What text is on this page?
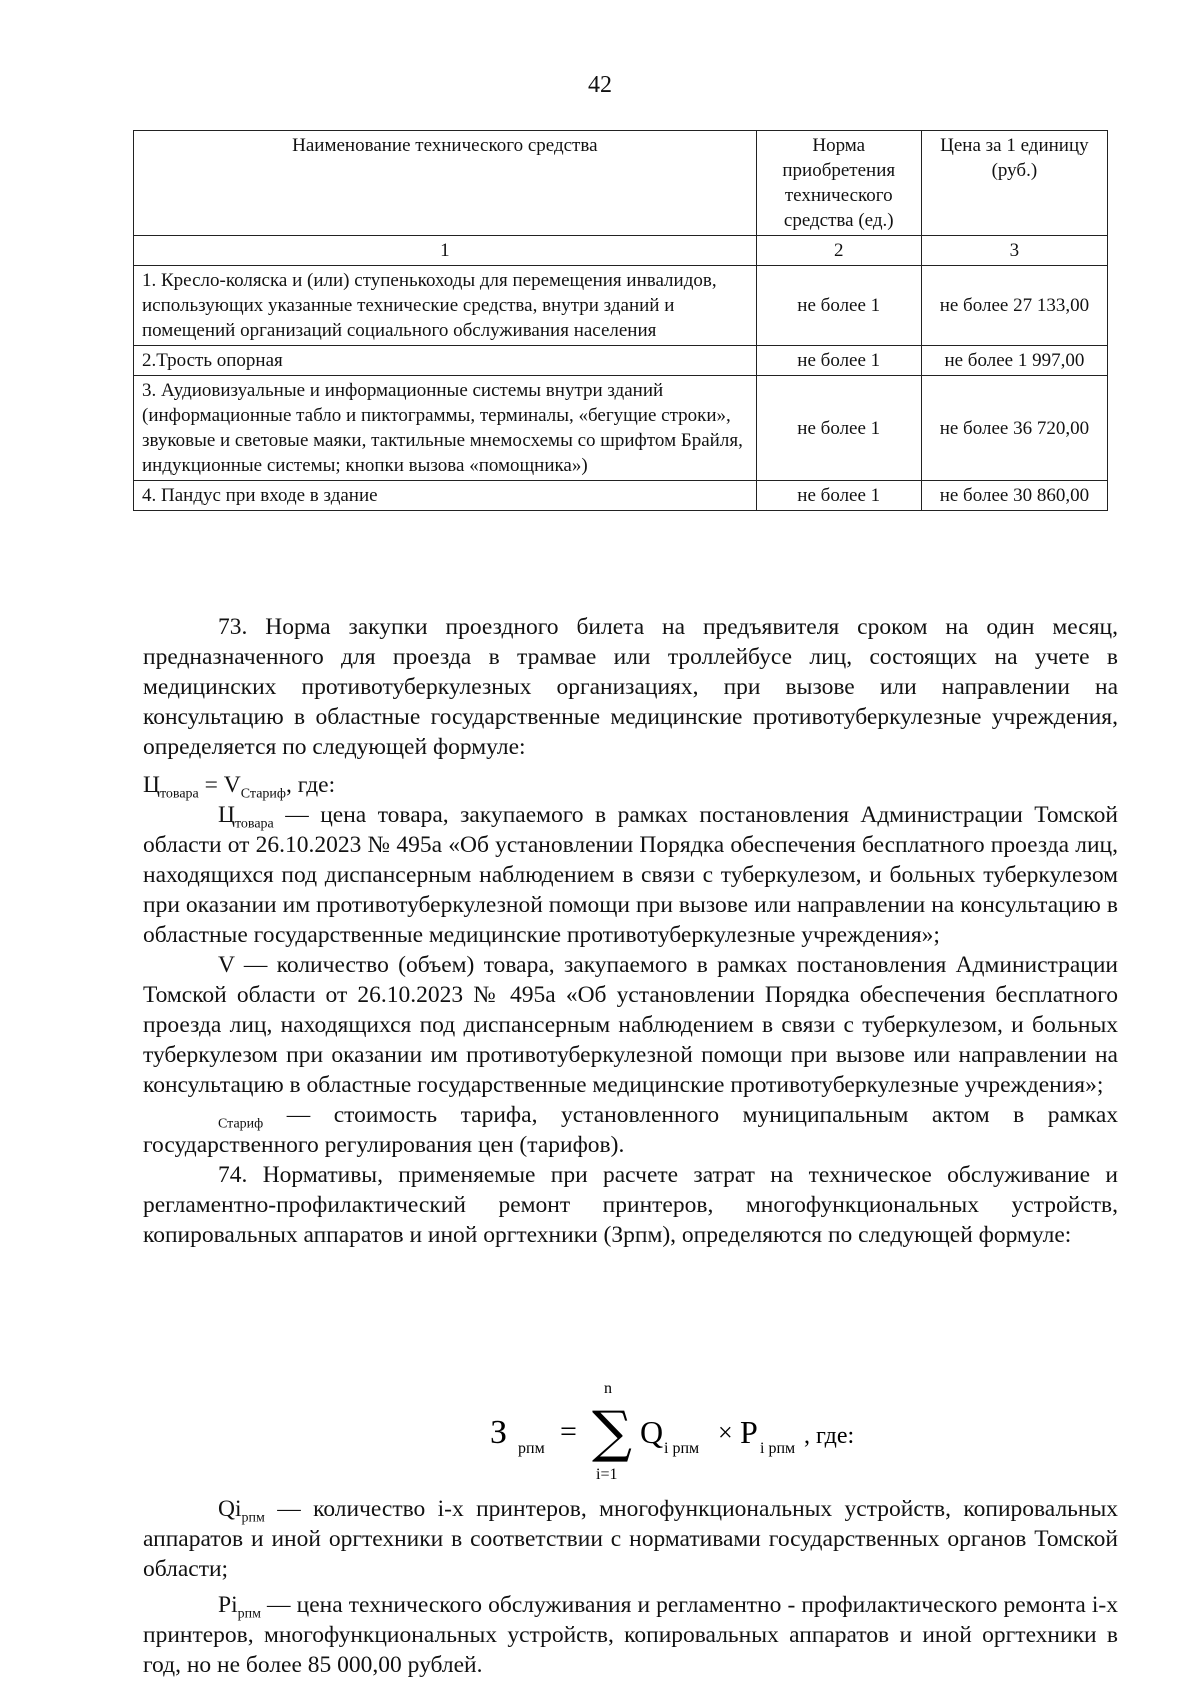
42
Наименование технического средства	Норма приобретения технического средства (ед.)	Цена за 1 единицу (руб.)
1	2	3
1. Кресло-коляска и (или) ступенькоходы для перемещения инвалидов, использующих указанные технические средства, внутри зданий и помещений организаций социального обслуживания населения	не более 1	не более 27 133,00
2.Трость опорная	не более 1	не более 1 997,00
3. Аудиовизуальные и информационные системы внутри зданий (информационные табло и пиктограммы, терминалы, «бегущие строки», звуковые и световые маяки, тактильные мнемосхемы со шрифтом Брайля, индукционные системы; кнопки вызова «помощника»)	не более 1	не более 36 720,00
4. Пандус при входе в здание	не более 1	не более 30 860,00

73. Норма закупки проездного билета на предъявителя сроком на один месяц, предназначенного для проезда в трамвае или троллейбусе лиц, состоящих на учете в медицинских противотуберкулезных организациях, при вызове или направлении на консультацию в областные государственные медицинские противотуберкулезные учреждения, определяется по следующей формуле:

$Ц_{товара} = V_{Стариф}$, где:

$Ц_{товара}$ — цена товара, закупаемого в рамках постановления Администрации Томской области от 26.10.2023 № 495а «Об установлении Порядка обеспечения бесплатного проезда лиц, находящихся под диспансерным наблюдением в связи с туберкулезом, и больных туберкулезом при оказании им противотуберкулезной помощи при вызове или направлении на консультацию в областные государственные медицинские противотуберкулезные учреждения»;

V — количество (объем) товара, закупаемого в рамках постановления Администрации Томской области от 26.10.2023 № 495а «Об установлении Порядка обеспечения бесплатного проезда лиц, находящихся под диспансерным наблюдением в связи с туберкулезом, и больных туберкулезом при оказании им противотуберкулезной помощи при вызове или направлении на консультацию в областные государственные медицинские противотуберкулезные учреждения»;

$_{Стариф}$ — стоимость тарифа, установленного муниципальным актом в рамках государственного регулирования цен (тарифов).

74. Нормативы, применяемые при расчете затрат на техническое обслуживание и регламентно-профилактический ремонт принтеров, многофункциональных устройств, копировальных аппаратов и иной оргтехники (Зрпм), определяются по следующей формуле:

З рпм
=
n
∑
i=1
Q i рпм
× P i рпм , где:

$Qi_{рпм}$ — количество i-х принтеров, многофункциональных устройств, копировальных аппаратов и иной оргтехники в соответствии с нормативами государственных органов Томской области;

$Pi_{рпм}$ — цена технического обслуживания и регламентно - профилактического ремонта i-х принтеров, многофункциональных устройств, копировальных аппаратов и иной оргтехники в год, но не более 85 000,00 рублей.
